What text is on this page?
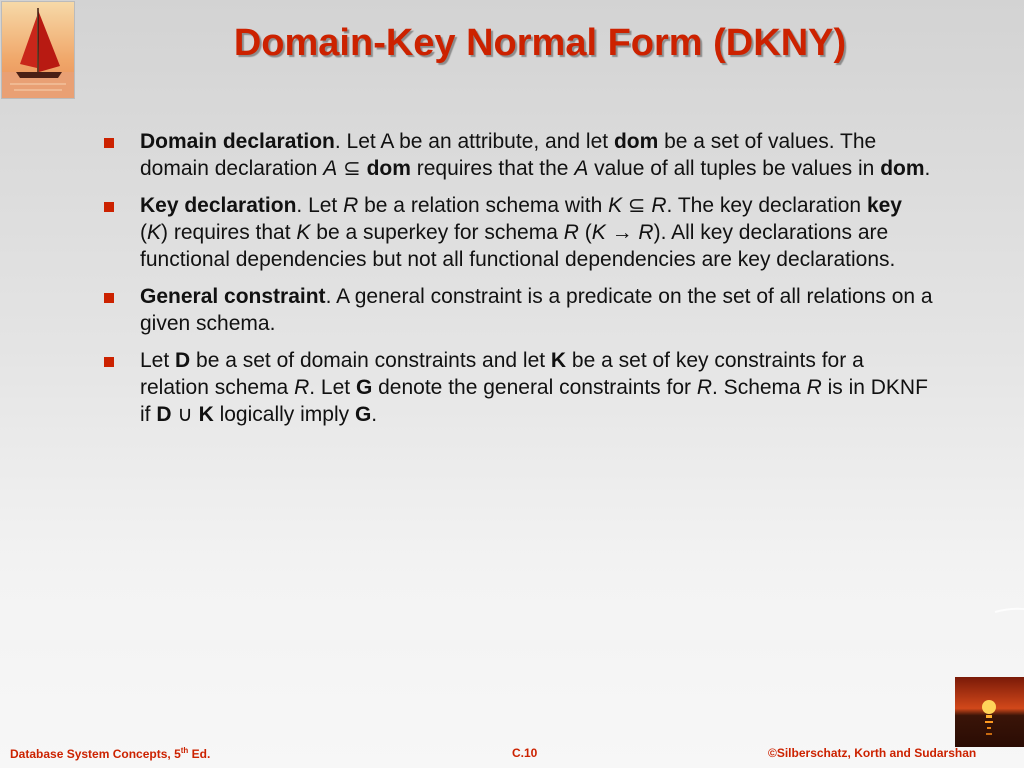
Domain-Key Normal Form (DKNY)
Domain declaration. Let A be an attribute, and let dom be a set of values. The domain declaration A ⊆ dom requires that the A value of all tuples be values in dom.
Key declaration. Let R be a relation schema with K ⊆ R. The key declaration key (K) requires that K be a superkey for schema R (K → R). All key declarations are functional dependencies but not all functional dependencies are key declarations.
General constraint. A general constraint is a predicate on the set of all relations on a given schema.
Let D be a set of domain constraints and let K be a set of key constraints for a relation schema R. Let G denote the general constraints for R. Schema R is in DKNF if D ∪ K logically imply G.
Database System Concepts, 5th Ed.	C.10	©Silberschatz, Korth and Sudarshan
